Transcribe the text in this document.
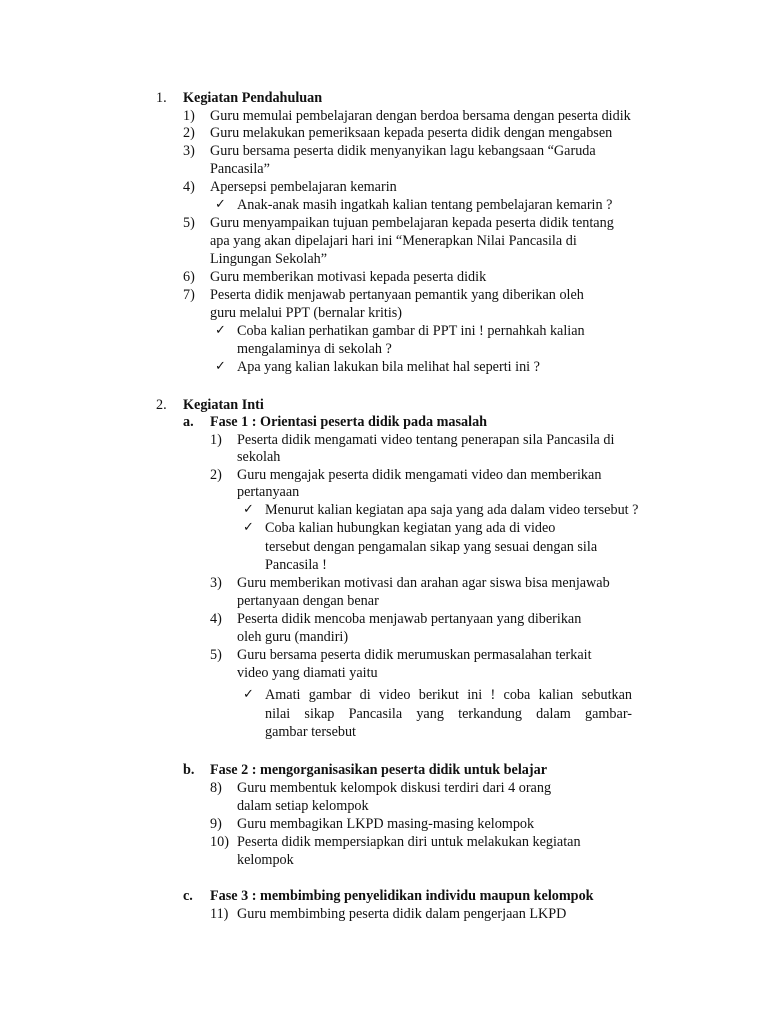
1. Kegiatan Pendahuluan
1) Guru memulai pembelajaran dengan berdoa bersama dengan peserta didik
2) Guru melakukan pemeriksaan kepada peserta didik dengan mengabsen
3) Guru bersama peserta didik menyanyikan lagu kebangsaan “Garuda
Pancasila”
4) Apersepsi pembelajaran kemarin
✓ Anak-anak masih ingatkah kalian tentang pembelajaran kemarin ?
5) Guru menyampaikan tujuan pembelajaran kepada peserta didik tentang
apa yang akan dipelajari hari ini “Menerapkan Nilai Pancasila di
Lingungan Sekolah”
6) Guru memberikan motivasi kepada peserta didik
7) Peserta didik menjawab pertanyaan pemantik yang diberikan oleh
guru melalui PPT (bernalar kritis)
✓ Coba kalian perhatikan gambar di PPT ini ! pernahkah kalian
mengalaminya di sekolah ?
✓ Apa yang kalian lakukan bila melihat hal seperti ini ?
2. Kegiatan Inti
a. Fase 1 : Orientasi peserta didik pada masalah
1) Peserta didik mengamati video tentang penerapan sila Pancasila di
sekolah
2) Guru mengajak peserta didik mengamati video dan memberikan
pertanyaan
✓ Menurut kalian kegiatan apa saja yang ada dalam video tersebut ?
✓ Coba kalian hubungkan kegiatan yang ada di video
tersebut dengan pengamalan sikap yang sesuai dengan sila
Pancasila !
3) Guru memberikan motivasi dan arahan agar siswa bisa menjawab
pertanyaan dengan benar
4) Peserta didik mencoba menjawab pertanyaan yang diberikan
oleh guru (mandiri)
5) Guru bersama peserta didik merumuskan permasalahan terkait
video yang diamati yaitu
✓ Amati gambar di video berikut ini ! coba kalian sebutkan
nilai sikap Pancasila yang terkandung dalam gambar-
gambar tersebut
b. Fase 2 : mengorganisasikan peserta didik untuk belajar
8) Guru membentuk kelompok diskusi terdiri dari 4 orang
dalam setiap kelompok
9) Guru membagikan LKPD masing-masing kelompok
10) Peserta didik mempersiapkan diri untuk melakukan kegiatan
kelompok
c. Fase 3 : membimbing penyelidikan individu maupun kelompok
11) Guru membimbing peserta didik dalam pengerjaan LKPD
